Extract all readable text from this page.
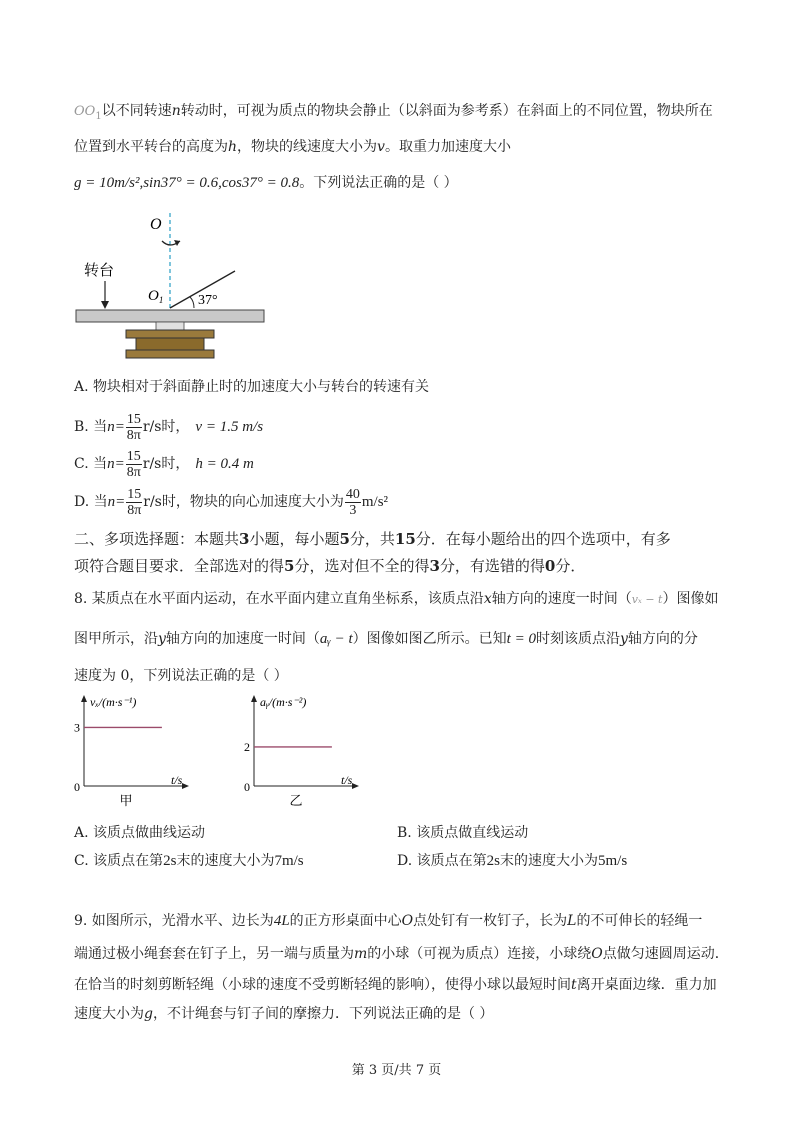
$OO_1$以不同转速n转动时，可视为质点的物块会静止（以斜面为参考系）在斜面上的不同位置，物块所在
位置到水平转台的高度为h，物块的线速度大小为v。取重力加速度大小
g = 10m/s²,sin37° = 0.6,cos37° = 0.8。下列说法正确的是（ ）
O
37°
$O_1$
转台
A. 物块相对于斜面静止时的加速度大小与转台的转速有关
B. 当 $n= \frac{15}{8\pi} r/s$时， v = 1.5 m/s
C. 当 $n= \frac{15}{8\pi} r/s$时， h = 0.4 m
D. 当 $n= \frac{15}{8\pi} r/s$时， 物块的向心加速度大小为 $\frac{40}{3} m/s^2$
二、多项选择题：本题共3小题，每小题5分，共15分．在每小题给出的四个选项中，有多
项符合题目要求．全部选对的得5分，选对但不全的得3分，有选错的得0分．
8. 某质点在水平面内运动，在水平面内建立直角坐标系，该质点沿x轴方向的速度一时间（vₓ − t）图像如
图甲所示，沿y轴方向的加速度一时间（aᵧ − t）图像如图乙所示。已知t = 0时刻该质点沿y轴方向的分
速度为 0，下列说法正确的是（ ）
vₓ/(m·s⁻¹)
t/s
0
甲
3
aᵧ/(m·s⁻²)
t/s
0
乙
2
A. 该质点做曲线运动	B. 该质点做直线运动
C. 该质点在第2s末的速度大小为7m/s	D. 该质点在第2s末的速度大小为5m/s
9. 如图所示，光滑水平、边长为4L的正方形桌面中心O点处钉有一枚钉子，长为L的不可伸长的轻绳一
端通过极小绳套套在钉子上，另一端与质量为m的小球（可视为质点）连接，小球绕O点做匀速圆周运动．
在恰当的时刻剪断轻绳（小球的速度不受剪断轻绳的影响），使得小球以最短时间t离开桌面边缘．重力加
速度大小为g，不计绳套与钉子间的摩擦力．下列说法正确的是（ ）
第 3 页/共 7 页
